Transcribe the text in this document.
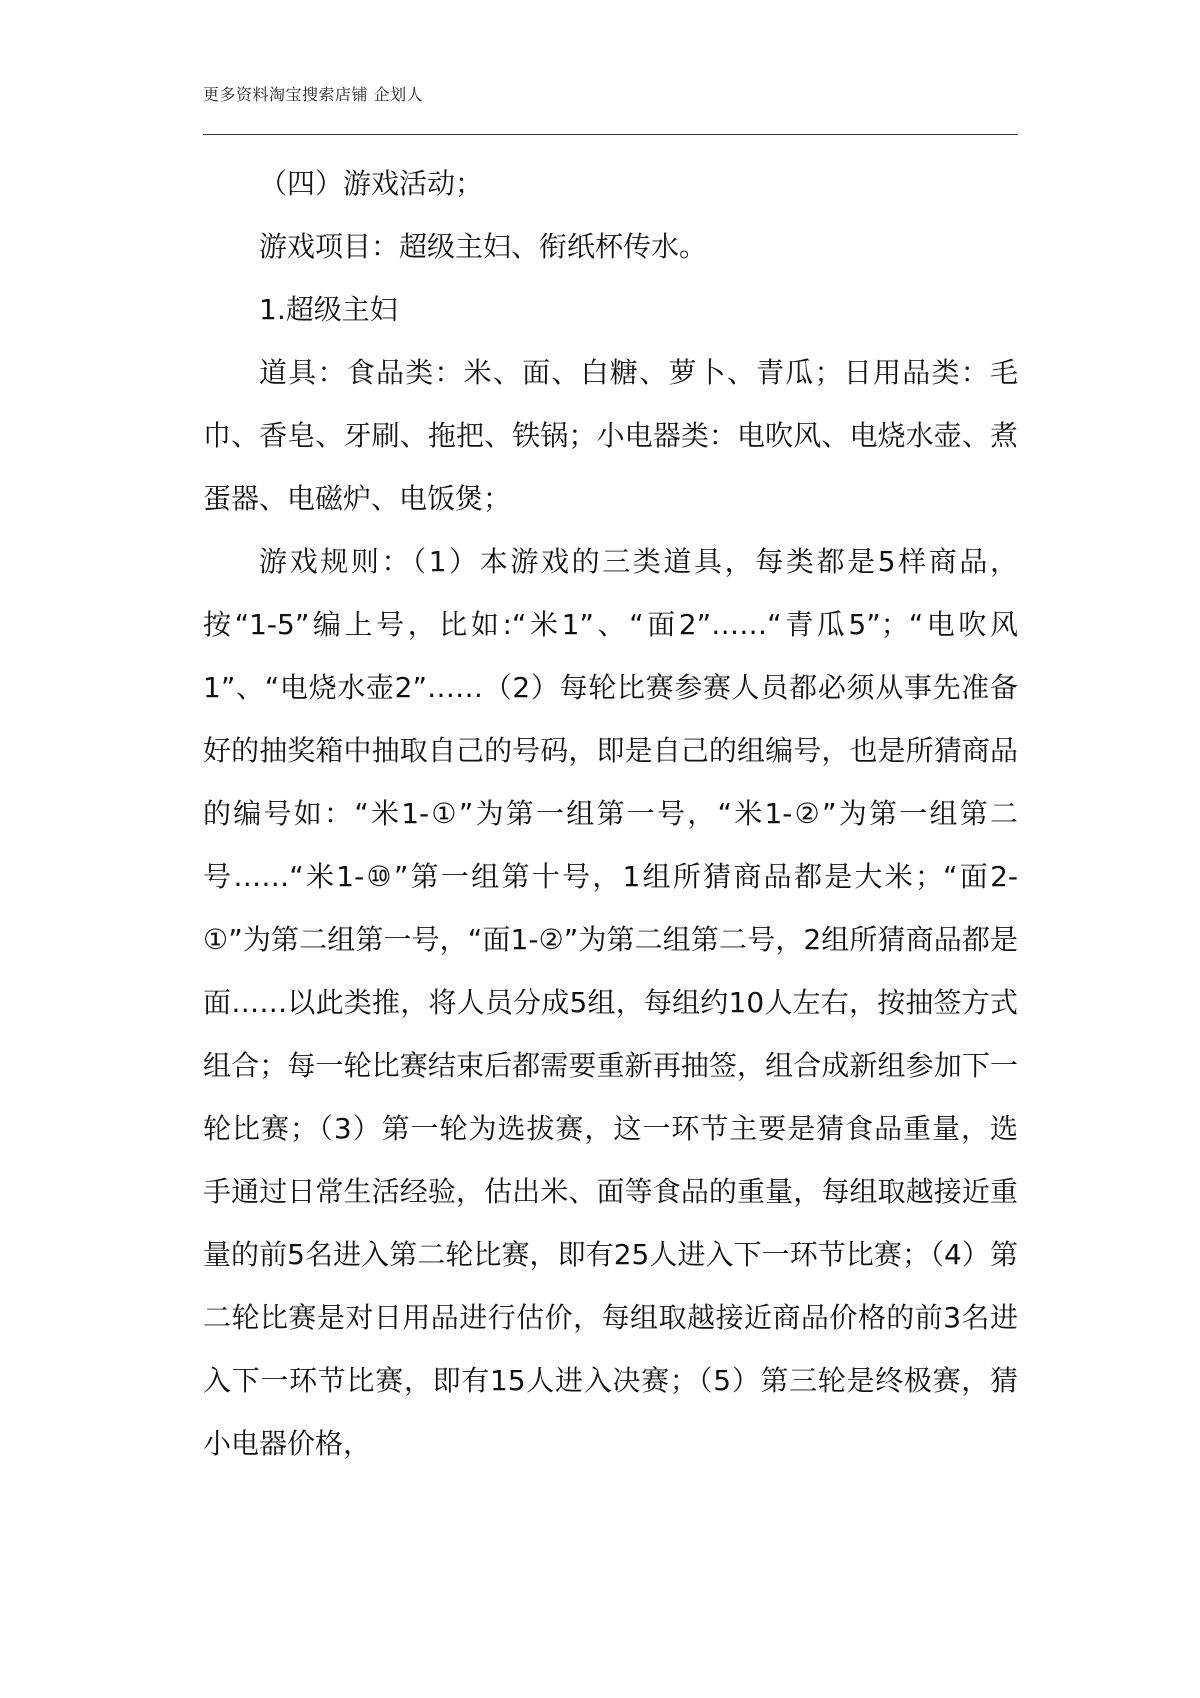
更多资料淘宝搜索店铺 企划人

（四）游戏活动；

游戏项目：超级主妇、衔纸杯传水。

1.超级主妇

道具：食品类：米、面、白糖、萝卜、青瓜；日用品类：毛巾、香皂、牙刷、拖把、铁锅；小电器类：电吹风、电烧水壶、煮蛋器、电磁炉、电饭煲；

游戏规则：（1）本游戏的三类道具，每类都是5样商品，按“1-5”编上号，比如:“米1”、“面2”……“青瓜5”；“电吹风1”、“电烧水壶2”……（2）每轮比赛参赛人员都必须从事先准备好的抽奖箱中抽取自己的号码，即是自己的组编号，也是所猜商品的编号如：“米1-①”为第一组第一号，“米1-②”为第一组第二号……“米1-⑩”第一组第十号，1组所猜商品都是大米；“面2-①”为第二组第一号，“面1-②”为第二组第二号，2组所猜商品都是面……以此类推，将人员分成5组，每组约10人左右，按抽签方式组合；每一轮比赛结束后都需要重新再抽签，组合成新组参加下一轮比赛；（3）第一轮为选拔赛，这一环节主要是猜食品重量，选手通过日常生活经验，估出米、面等食品的重量，每组取越接近重量的前5名进入第二轮比赛，即有25人进入下一环节比赛；（4）第二轮比赛是对日用品进行估价，每组取越接近商品价格的前3名进入下一环节比赛，即有15人进入决赛；（5）第三轮是终极赛，猜小电器价格，
